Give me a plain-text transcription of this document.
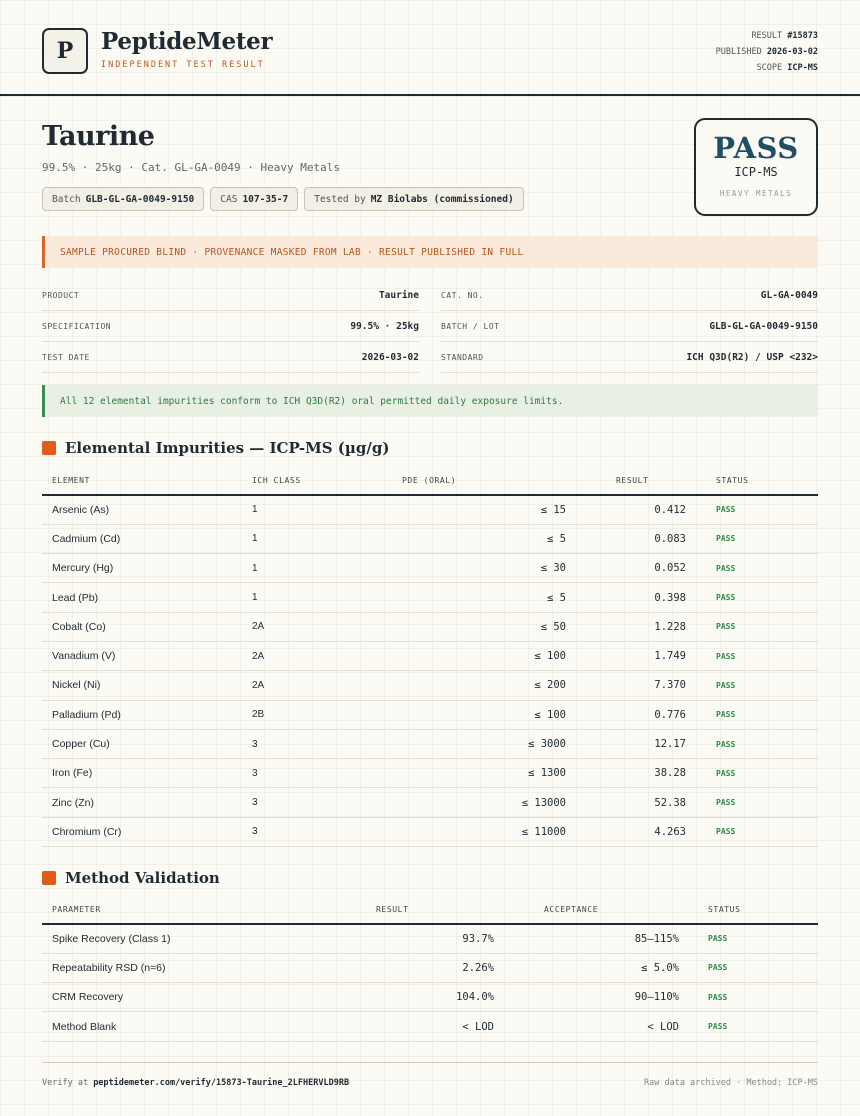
P	PeptideMeter
INDEPENDENT TEST RESULT
RESULT #15873
PUBLISHED 2026-03-02
SCOPE ICP-MS
Taurine
99.5% · 25kg · Cat. GL-GA-0049 · Heavy Metals
Batch GLB-GL-GA-0049-9150	CAS 107-35-7	Tested by MZ Biolabs (commissioned)
PASS
ICP-MS
HEAVY METALS
SAMPLE PROCURED BLIND · PROVENANCE MASKED FROM LAB · RESULT PUBLISHED IN FULL
PRODUCT	Taurine	CAT. NO.	GL-GA-0049
SPECIFICATION	99.5% · 25kg	BATCH / LOT	GLB-GL-GA-0049-9150
TEST DATE	2026-03-02	STANDARD	ICH Q3D(R2) / USP <232>
All 12 elemental impurities conform to ICH Q3D(R2) oral permitted daily exposure limits.
Elemental Impurities — ICP-MS (µg/g)
ELEMENT	ICH CLASS	PDE (ORAL)	RESULT	STATUS
Arsenic (As)	1	≤ 15	0.412	PASS
Cadmium (Cd)	1	≤ 5	0.083	PASS
Mercury (Hg)	1	≤ 30	0.052	PASS
Lead (Pb)	1	≤ 5	0.398	PASS
Cobalt (Co)	2A	≤ 50	1.228	PASS
Vanadium (V)	2A	≤ 100	1.749	PASS
Nickel (Ni)	2A	≤ 200	7.370	PASS
Palladium (Pd)	2B	≤ 100	0.776	PASS
Copper (Cu)	3	≤ 3000	12.17	PASS
Iron (Fe)	3	≤ 1300	38.28	PASS
Zinc (Zn)	3	≤ 13000	52.38	PASS
Chromium (Cr)	3	≤ 11000	4.263	PASS
Method Validation
PARAMETER	RESULT	ACCEPTANCE	STATUS
Spike Recovery (Class 1)	93.7%	85–115%	PASS
Repeatability RSD (n=6)	2.26%	≤ 5.0%	PASS
CRM Recovery	104.0%	90–110%	PASS
Method Blank	< LOD	< LOD	PASS
Verify at peptidemeter.com/verify/15873-Taurine_2LFHERVLD9RB	Raw data archived · Method: ICP-MS
